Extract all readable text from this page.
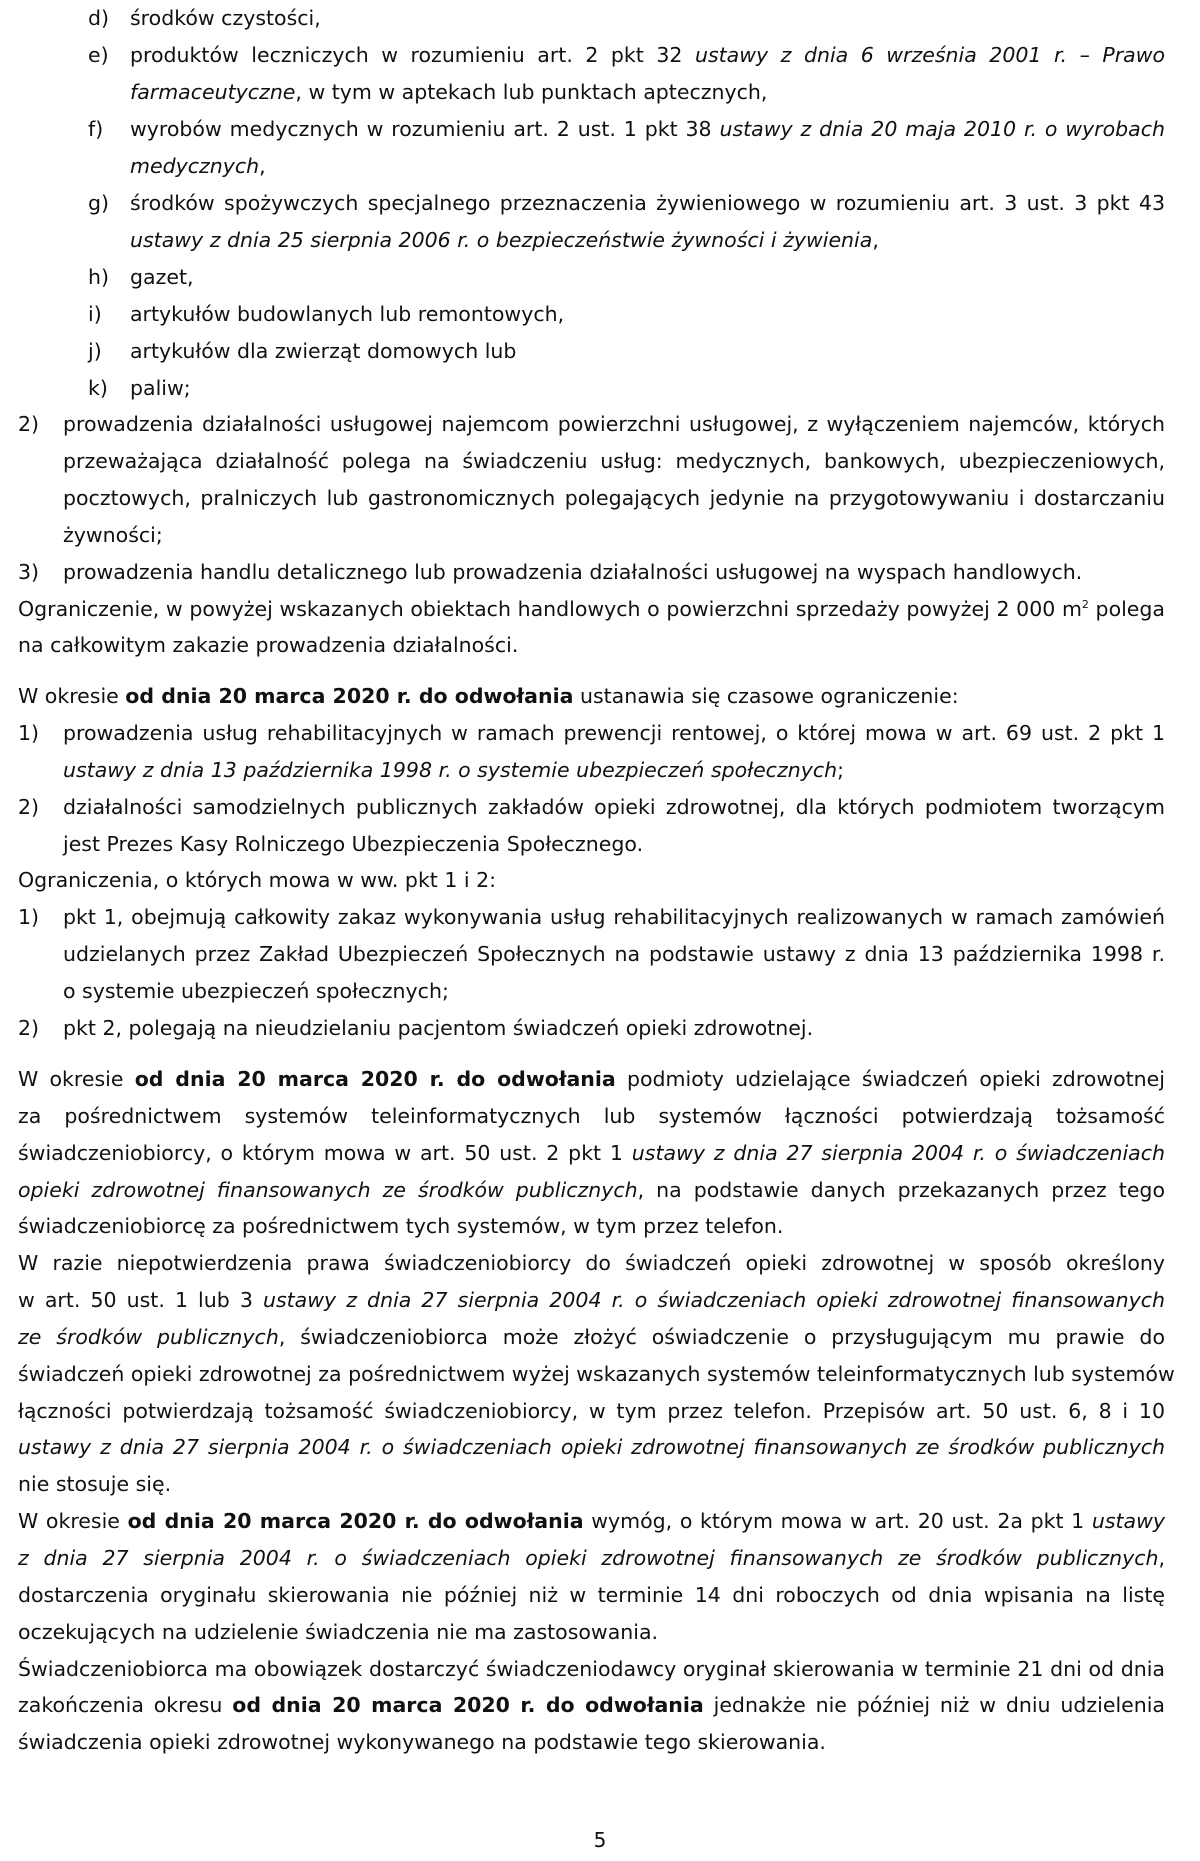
d) środków czystości,
e) produktów leczniczych w rozumieniu art. 2 pkt 32 ustawy z dnia 6 września 2001 r. – Prawo
farmaceutyczne, w tym w aptekach lub punktach aptecznych,
f) wyrobów medycznych w rozumieniu art. 2 ust. 1 pkt 38 ustawy z dnia 20 maja 2010 r. o wyrobach
medycznych,
g) środków spożywczych specjalnego przeznaczenia żywieniowego w rozumieniu art. 3 ust. 3 pkt 43
ustawy z dnia 25 sierpnia 2006 r. o bezpieczeństwie żywności i żywienia,
h) gazet,
i) artykułów budowlanych lub remontowych,
j) artykułów dla zwierząt domowych lub
k) paliw;
2) prowadzenia działalności usługowej najemcom powierzchni usługowej, z wyłączeniem najemców, których
przeważająca działalność polega na świadczeniu usług: medycznych, bankowych, ubezpieczeniowych,
pocztowych, pralniczych lub gastronomicznych polegających jedynie na przygotowywaniu i dostarczaniu
żywności;
3) prowadzenia handlu detalicznego lub prowadzenia działalności usługowej na wyspach handlowych.
Ograniczenie, w powyżej wskazanych obiektach handlowych o powierzchni sprzedaży powyżej 2 000 $m^2$ polega
na całkowitym zakazie prowadzenia działalności.
W okresie od dnia 20 marca 2020 r. do odwołania ustanawia się czasowe ograniczenie:
1) prowadzenia usług rehabilitacyjnych w ramach prewencji rentowej, o której mowa w art. 69 ust. 2 pkt 1
ustawy z dnia 13 października 1998 r. o systemie ubezpieczeń społecznych;
2) działalności samodzielnych publicznych zakładów opieki zdrowotnej, dla których podmiotem tworzącym
jest Prezes Kasy Rolniczego Ubezpieczenia Społecznego.
Ograniczenia, o których mowa w ww. pkt 1 i 2:
1) pkt 1, obejmują całkowity zakaz wykonywania usług rehabilitacyjnych realizowanych w ramach zamówień
udzielanych przez Zakład Ubezpieczeń Społecznych na podstawie ustawy z dnia 13 października 1998 r.
o systemie ubezpieczeń społecznych;
2) pkt 2, polegają na nieudzielaniu pacjentom świadczeń opieki zdrowotnej.
W okresie od dnia 20 marca 2020 r. do odwołania podmioty udzielające świadczeń opieki zdrowotnej
za pośrednictwem systemów teleinformatycznych lub systemów łączności potwierdzają tożsamość
świadczeniobiorcy, o którym mowa w art. 50 ust. 2 pkt 1 ustawy z dnia 27 sierpnia 2004 r. o świadczeniach
opieki zdrowotnej finansowanych ze środków publicznych, na podstawie danych przekazanych przez tego
świadczeniobiorcę za pośrednictwem tych systemów, w tym przez telefon.
W razie niepotwierdzenia prawa świadczeniobiorcy do świadczeń opieki zdrowotnej w sposób określony
w art. 50 ust. 1 lub 3 ustawy z dnia 27 sierpnia 2004 r. o świadczeniach opieki zdrowotnej finansowanych
ze środków publicznych, świadczeniobiorca może złożyć oświadczenie o przysługującym mu prawie do
świadczeń opieki zdrowotnej za pośrednictwem wyżej wskazanych systemów teleinformatycznych lub systemów
łączności potwierdzają tożsamość świadczeniobiorcy, w tym przez telefon. Przepisów art. 50 ust. 6, 8 i 10
ustawy z dnia 27 sierpnia 2004 r. o świadczeniach opieki zdrowotnej finansowanych ze środków publicznych
nie stosuje się.
W okresie od dnia 20 marca 2020 r. do odwołania wymóg, o którym mowa w art. 20 ust. 2a pkt 1 ustawy
z dnia 27 sierpnia 2004 r. o świadczeniach opieki zdrowotnej finansowanych ze środków publicznych,
dostarczenia oryginału skierowania nie później niż w terminie 14 dni roboczych od dnia wpisania na listę
oczekujących na udzielenie świadczenia nie ma zastosowania.
Świadczeniobiorca ma obowiązek dostarczyć świadczeniodawcy oryginał skierowania w terminie 21 dni od dnia
zakończenia okresu od dnia 20 marca 2020 r. do odwołania jednakże nie później niż w dniu udzielenia
świadczenia opieki zdrowotnej wykonywanego na podstawie tego skierowania.
5
